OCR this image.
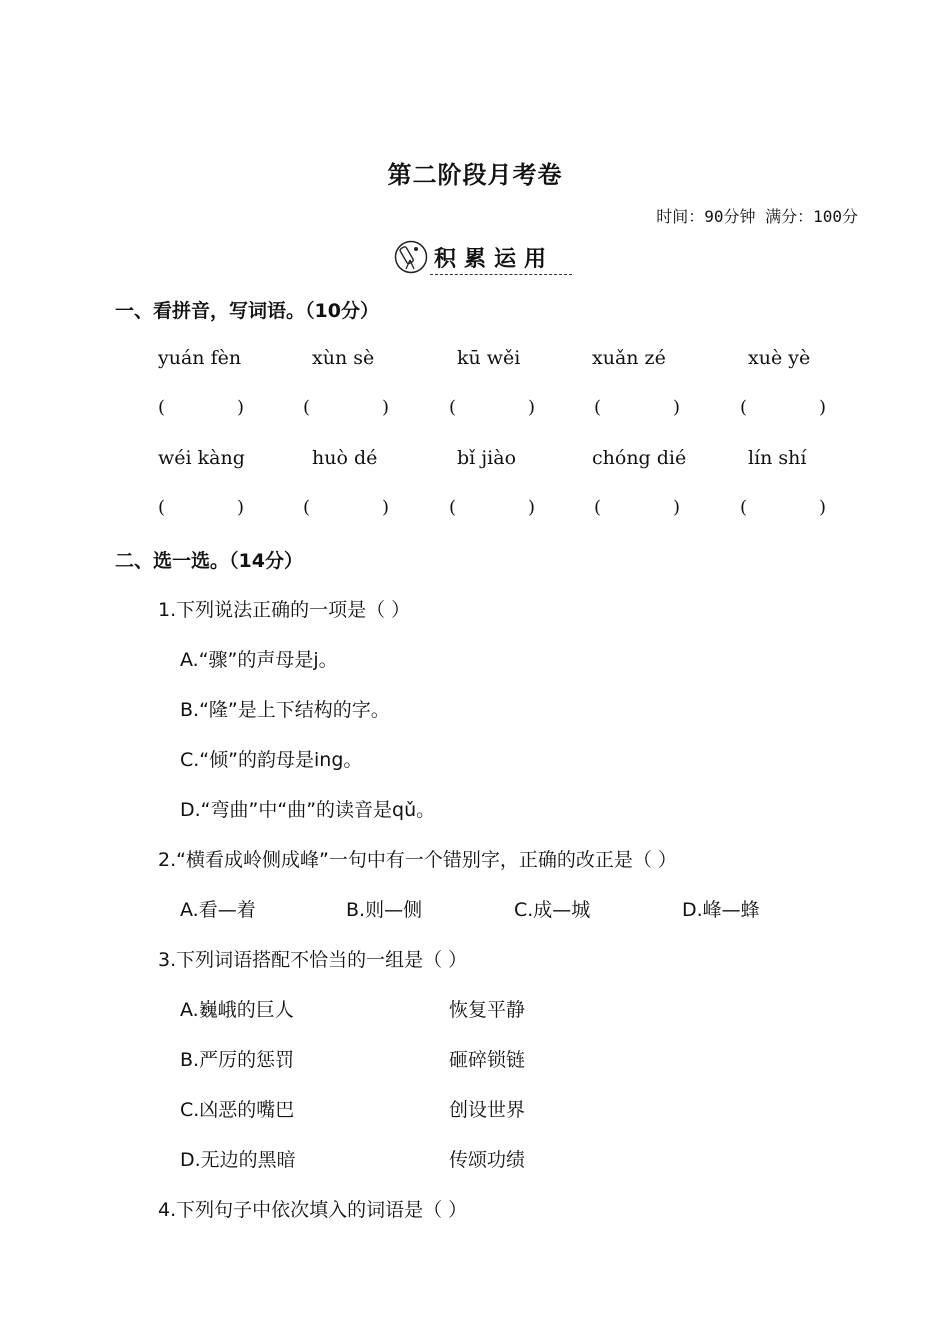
第二阶段月考卷
时间：90分钟 满分：100分
积累运用
一、看拼音，写词语。（10分）
yuán fèn	xùn sè	kū wěi	xuǎn zé	xuè yè
(	)	(	)	(	)	(	)	(	)
wéi kàng	huò dé	bǐ jiào	chóng dié	lín shí
(	)	(	)	(	)	(	)	(	)
二、选一选。（14分）
1.下列说法正确的一项是（ ）
A.“骤”的声母是j。
B.“隆”是上下结构的字。
C.“倾”的韵母是ing。
D.“弯曲”中“曲”的读音是qǔ。
2.“横看成岭侧成峰”一句中有一个错别字，正确的改正是（ ）
A.看—着	B.则—侧	C.成—城	D.峰—蜂
3.下列词语搭配不恰当的一组是（ ）
A.巍峨的巨人	恢复平静
B.严厉的惩罚	砸碎锁链
C.凶恶的嘴巴	创设世界
D.无边的黑暗	传颂功绩
4.下列句子中依次填入的词语是（ ）
